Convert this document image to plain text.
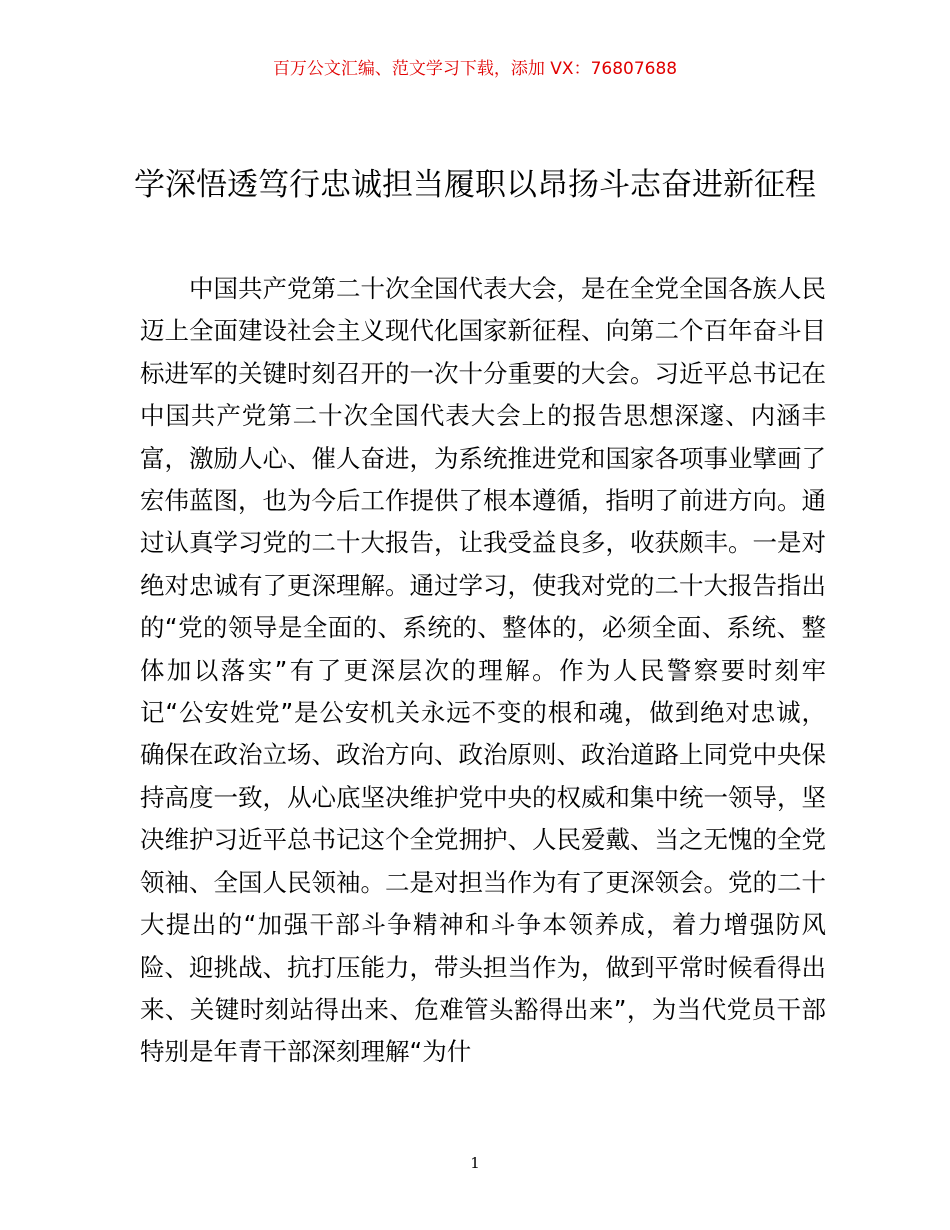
百万公文汇编、范文学习下载，添加 VX：76807688
学深悟透笃行忠诚担当履职以昂扬斗志奋进新征程

中国共产党第二十次全国代表大会，是在全党全国各族人民迈上全面建设社会主义现代化国家新征程、向第二个百年奋斗目标进军的关键时刻召开的一次十分重要的大会。习近平总书记在中国共产党第二十次全国代表大会上的报告思想深邃、内涵丰富，激励人心、催人奋进，为系统推进党和国家各项事业擘画了宏伟蓝图，也为今后工作提供了根本遵循，指明了前进方向。通过认真学习党的二十大报告，让我受益良多，收获颇丰。一是对绝对忠诚有了更深理解。通过学习，使我对党的二十大报告指出的“党的领导是全面的、系统的、整体的，必须全面、系统、整体加以落实”有了更深层次的理解。作为人民警察要时刻牢记“公安姓党”是公安机关永远不变的根和魂，做到绝对忠诚，确保在政治立场、政治方向、政治原则、政治道路上同党中央保持高度一致，从心底坚决维护党中央的权威和集中统一领导，坚决维护习近平总书记这个全党拥护、人民爱戴、当之无愧的全党领袖、全国人民领袖。二是对担当作为有了更深领会。党的二十大提出的“加强干部斗争精神和斗争本领养成，着力增强防风险、迎挑战、抗打压能力，带头担当作为，做到平常时候看得出来、关键时刻站得出来、危难管头豁得出来”，为当代党员干部特别是年青干部深刻理解“为什

1
